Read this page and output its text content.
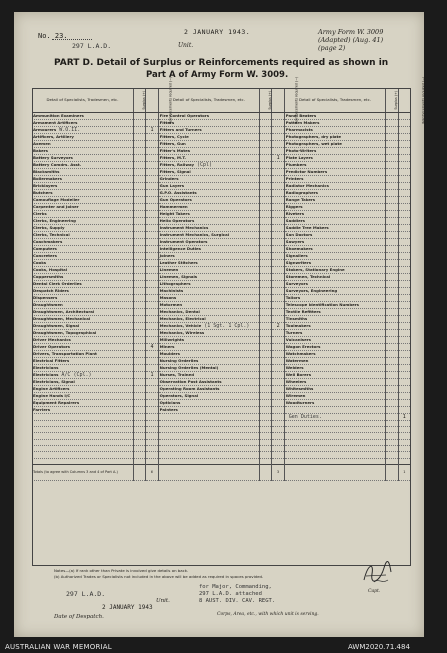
No. 23.
297 L.A.D.	Unit.
2 JANUARY 1943.	Army Form W. 3009
(Adapted) (Aug. 41)
(page 2)
PART D. Detail of Surplus or Reinforcements required as shown in
Part A of Army Form W. 3009.
Detail of Specialists, Tradesmen, etc.	Surplus (+)	Reinforcements required (−)	Detail of Specialists, Tradesmen, etc.	Surplus (+)	Reinforcements required (−)	Detail of Specialists, Tradesmen, etc.	Surplus (+)	Reinforcements required (−)
Ammunition Examiners			Fire Control Operators			Panel Beaters		
Armament Artificers			Fitters			Pattern Makers		
Armourers W.O.II.		1	Fitters and Turners			Pharmacists		
Artificers, Artillery			Fitters, Cycle			Photographers, dry plate		
Axemen			Fitters, Gun			Photographers, wet plate		
Bakers			Fitter's Mates			Photo-Writers		
Battery Surveyors			Fitters, M.T.		1	Plate Layers		
Battery Comdrs. Asst.			Fitters, Railway (Cpl)			Plumbers		
Blacksmiths			Fitters, Signal			Predictor Numbers		
Boilermakers			Grinders			Printers		
Bricklayers			Gun Layers			Radiator Mechanics		
Butchers			G.P.O. Assistants			Radiographers		
Camouflage Modeller			Gun Operators			Range Takers		
Carpenter and Joiner			Hammermen			Riggers		
Clerks			Height Takers			Riveters		
Clerks, Engineering			Helio Operators			Saddlers		
Clerks, Supply			Instrument Mechanics			Saddle Tree Makers		
Clerks, Technical			Instrument Mechanics, Surgical			San Doctors		
Coachmakers			Instrument Operators			Sawyers		
Computers			Intelligence Duties			Shoemakers		
Concreters			Joiners			Signallers		
Cooks			Leather Stitchers			Signwriters		
Cooks, Hospital			Linemen			Stokers, Stationary Engine		
Coppersmiths			Linemen, Signals			Storemen, Technical		
Dental Clerk Orderlies			Lithographers			Surveyors		
Despatch Riders			Machinists			Surveyors, Engineering		
Dispensers			Masons			Tailors		
Draughtsmen			Motormen			Telescope Identification Numbers		
Draughtsmen, Architectural			Mechanics, Dental			Textile Refitters		
Draughtsmen, Mechanical			Mechanics, Electrical			Tinsmiths		
Draughtsmen, Signal			Mechanics, Vehicle (1 Sgt. 1 Cpl.)		2	Toolmakers		
Draughtsmen, Topographical			Mechanics, Wireless			Turners		
Driver Mechanics			Millwrights			Vulcanisers		
Driver Operators		4	Miners			Wagon Erectors		
Drivers, Transportation Plant			Moulders			Watchmakers		
Electrical Fitters			Nursing Orderlies			Watermen		
Electricians			Nursing Orderlies (Mental)			Welders		
Electricians A/C (Cpl.)		1	Nurses, Trained			Well Borers		
Electricians, Signal			Observation Post Assistants			Wheelers		
Engine Artificers			Operating Room Assistants			Whitesmiths		
Engine Hands I/C			Operators, Signal			Wiremen		
Equipment Repairers			Opticians			Woodturners		
Farriers			Painters					
						Gen Duties.		1

Totals (to agree with Columns 3 and 4 of Part A.)		6			3			1
Notes—(a) If rank other than Private is involved give details on back.
(b) Authorized Trades or Specialists not included in the above will be added as required in spaces provided.
297 L.A.D.
Unit.
2 JANUARY 1943
Date of Despatch.
for Major, Commanding,
297 L.A.D. attached
8 AUST. DIV. CAV. REGT.
Capt.
Corps, Area, etc., with which unit is serving.
AUSTRALIAN WAR MEMORIAL	AWM2020.71.484
